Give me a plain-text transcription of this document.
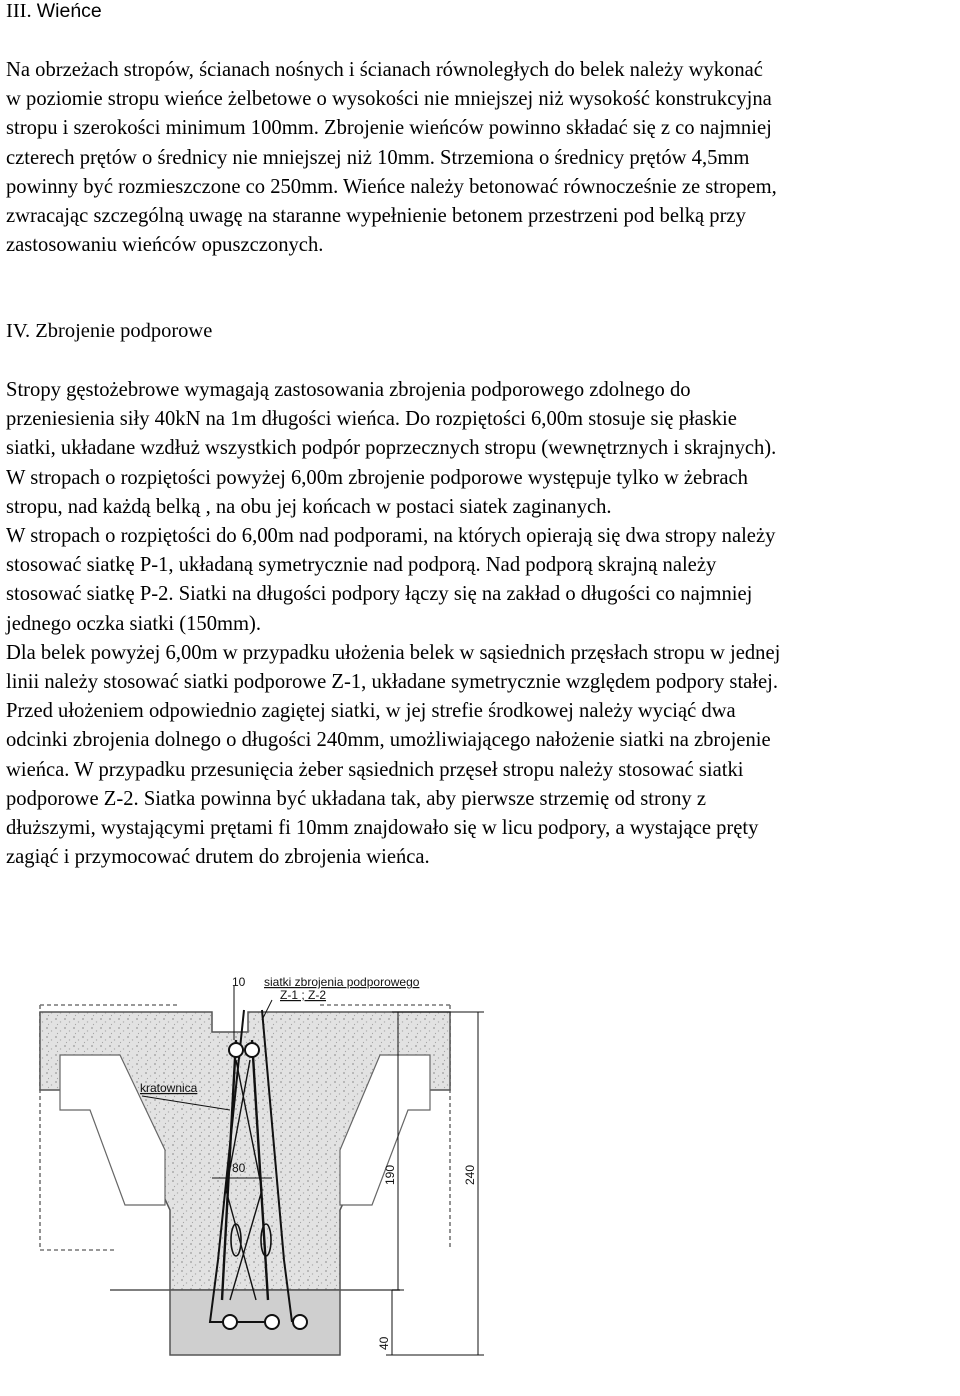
III. Wieńce

Na obrzeżach stropów, ścianach nośnych i ścianach równoległych do belek należy wykonać
w poziomie stropu wieńce żelbetowe o wysokości nie mniejszej niż wysokość konstrukcyjna
stropu i szerokości minimum 100mm. Zbrojenie wieńców powinno składać się z co najmniej
czterech prętów o średnicy nie mniejszej niż 10mm. Strzemiona o średnicy prętów 4,5mm
powinny być rozmieszczone co 250mm. Wieńce należy betonować równocześnie ze stropem,
zwracając szczególną uwagę na staranne wypełnienie betonem przestrzeni pod belką przy
zastosowaniu wieńców opuszczonych.

IV. Zbrojenie podporowe

Stropy gęstożebrowe wymagają zastosowania zbrojenia podporowego zdolnego do
przeniesienia siły 40kN na 1m długości wieńca. Do rozpiętości 6,00m stosuje się płaskie
siatki, układane wzdłuż wszystkich podpór poprzecznych stropu (wewnętrznych i skrajnych).
W stropach o rozpiętości powyżej 6,00m zbrojenie podporowe występuje tylko w żebrach
stropu, nad każdą belką , na obu jej końcach w postaci siatek zaginanych.
W stropach o rozpiętości do 6,00m nad podporami, na których opierają się dwa stropy należy
stosować siatkę P-1, układaną symetrycznie nad podporą. Nad podporą skrajną należy
stosować siatkę P-2. Siatki na długości podpory łączy się na zakład o długości co najmniej
jednego oczka siatki (150mm).
Dla belek powyżej 6,00m w przypadku ułożenia belek w sąsiednich przęsłach stropu w jednej
linii należy stosować siatki podporowe Z-1, układane symetrycznie względem podpory stałej.
Przed ułożeniem odpowiednio zagiętej siatki, w jej strefie środkowej należy wyciąć dwa
odcinki zbrojenia dolnego o długości 240mm, umożliwiającego nałożenie siatki na zbrojenie
wieńca. W przypadku przesunięcia żeber sąsiednich przęseł stropu należy stosować siatki
podporowe Z-2. Siatka powinna być układana tak, aby pierwsze strzemię od strony z
dłuższymi, wystającymi prętami fi 10mm znajdowało się w licu podpory, a wystające pręty
zagiąć i przymocować drutem do zbrojenia wieńca.

10 siatki zbrojenia podporowego
Z-1 ; Z-2
kratownica
80	190	240
40
